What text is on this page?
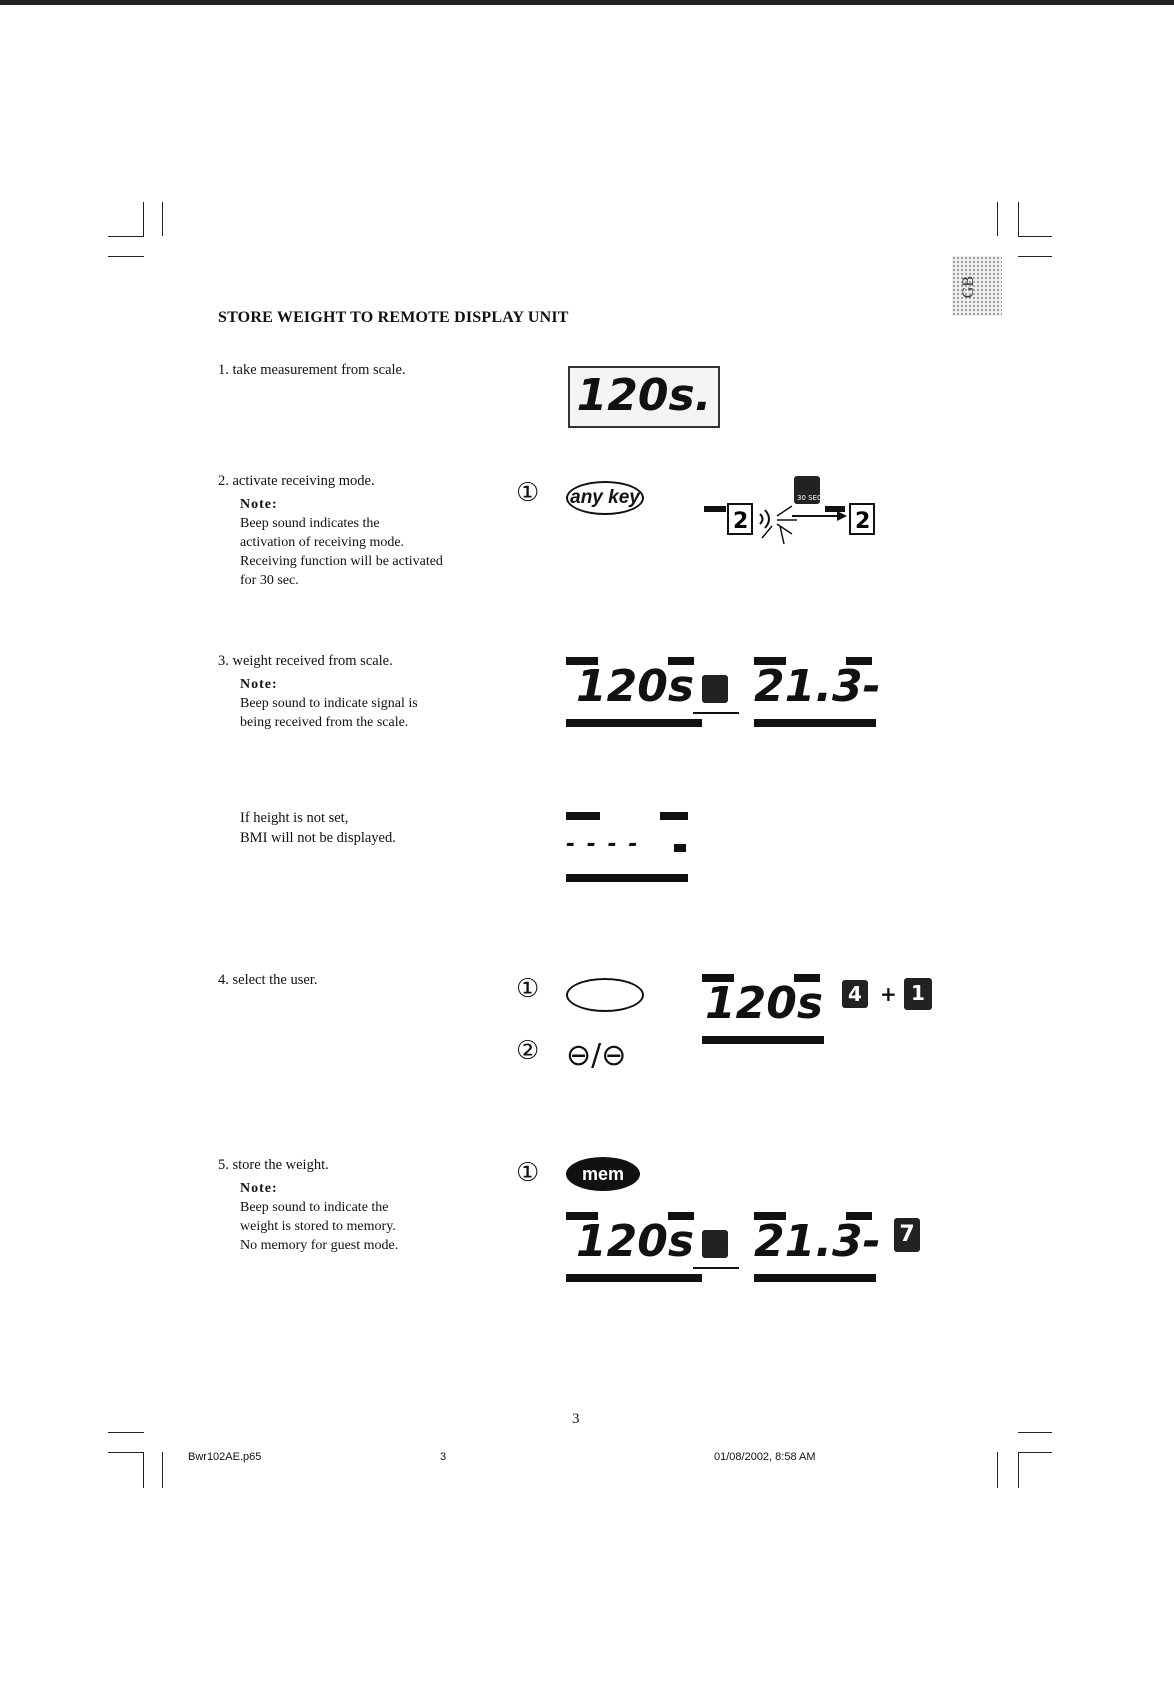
GB
STORE WEIGHT TO REMOTE DISPLAY UNIT
1. take measurement from scale.	120s.
2. activate receiving mode.
Note:
Beep sound indicates the
activation of receiving mode.
Receiving function will be activated
for 30 sec.
① any key
2
30 SEC
2
3. weight received from scale.
Note:
Beep sound to indicate signal is
being received from the scale.
120s 21.3-
If height is not set,
BMI will not be displayed.	- - - -
4. select the user.	①
② ⊖/⊖
120s	4 + 1
5. store the weight.
Note:
Beep sound to indicate the
weight is stored to memory.
No memory for guest mode.
①	mem
120s 21.3- 7
3
Bwr102AE.p65	3	01/08/2002, 8:58 AM
